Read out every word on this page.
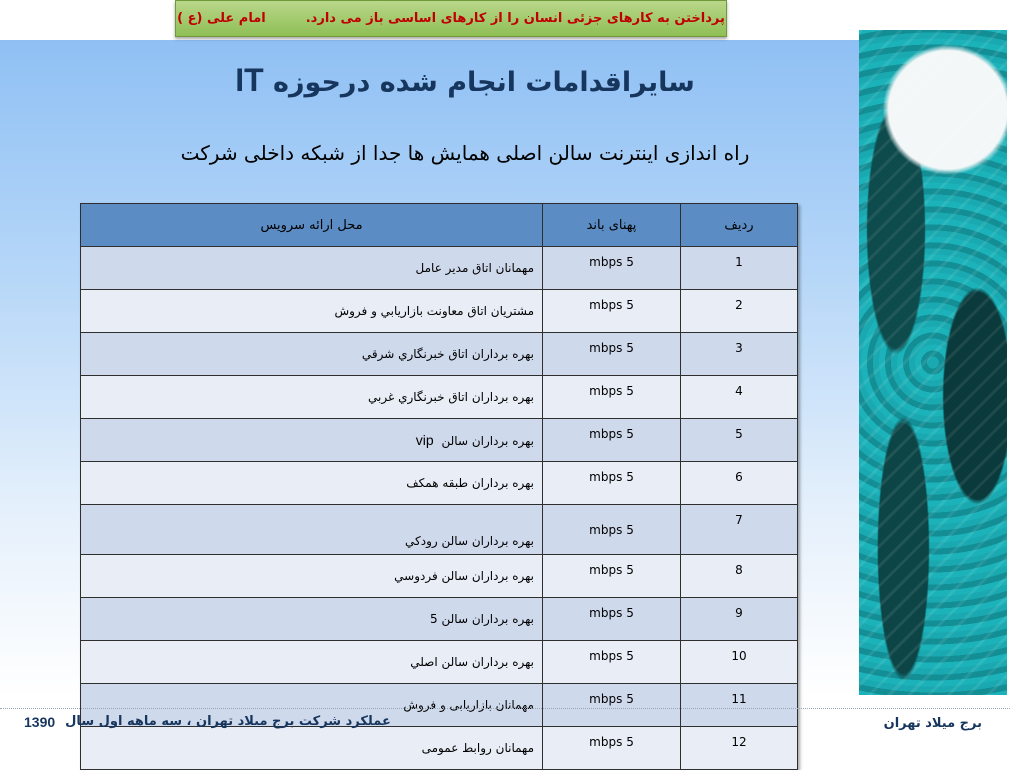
پرداختن به کارهای جزئی انسان را از کارهای اساسی باز می دارد.
امام علی (ع )
سایراقدامات انجام شده درحوزه IT
راه اندازی اینترنت سالن اصلی همایش ها جدا از شبکه داخلی شرکت
ردیف	پهنای باند	محل ارائه سرویس
1	5 mbps	مهمانان اتاق مدیر عامل
2	5 mbps	مشتريان اتاق معاونت بازاريابي و فروش
3	5 mbps	بهره برداران اتاق خبرنگاري شرقي
4	5 mbps	بهره برداران اتاق خبرنگاري غربي
5	5 mbps	بهره برداران سالن vip
6	5 mbps	بهره برداران طبقه همكف
7	5 mbps	بهره برداران سالن رودكي
8	5 mbps	بهره برداران سالن فردوسي
9	5 mbps	بهره برداران سالن 5
10	5 mbps	بهره برداران سالن اصلي
11	5 mbps	مهمانان بازاريابی و فروش
12	5 mbps	مهمانان روابط عمومی
عملکرد شرکت برج میلاد تهران ، سه ماهه اول سال
1390	برج میلاد تهران
